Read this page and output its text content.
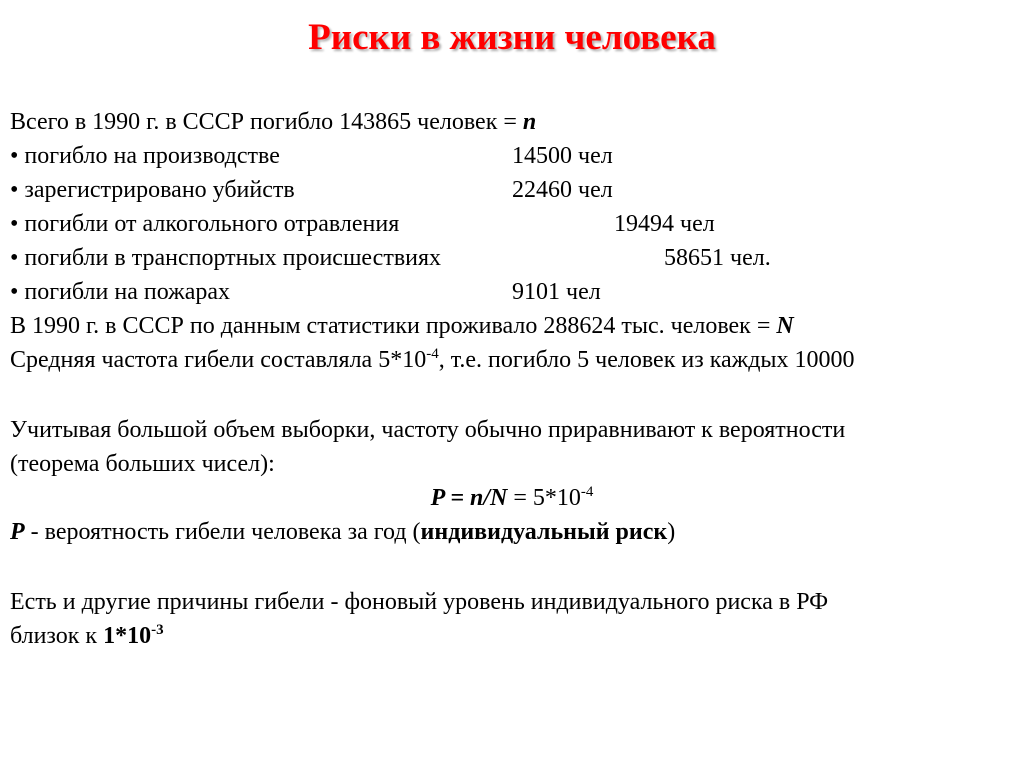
Риски в жизни человека
Всего в 1990 г. в СССР погибло 143865 человек = n
• погибло на производстве	14500 чел
• зарегистрировано убийств	22460 чел
• погибли от алкогольного отравления	19494 чел
• погибли в транспортных происшествиях	58651 чел.
• погибли на пожарах	9101 чел
В 1990 г. в СССР по данным статистики проживало 288624 тыс. человек = N
Средняя частота гибели составляла $5*10^{-4}$, т.е. погибло 5 человек из каждых 10000
Учитывая большой объем выборки, частоту обычно приравнивают к вероятности
(теорема больших чисел):
$P = n/N = 5*10^{-4}$
P - вероятность гибели человека за год (индивидуальный риск)
Есть и другие причины гибели - фоновый уровень индивидуального риска в РФ
близок к $1*10^{-3}$
